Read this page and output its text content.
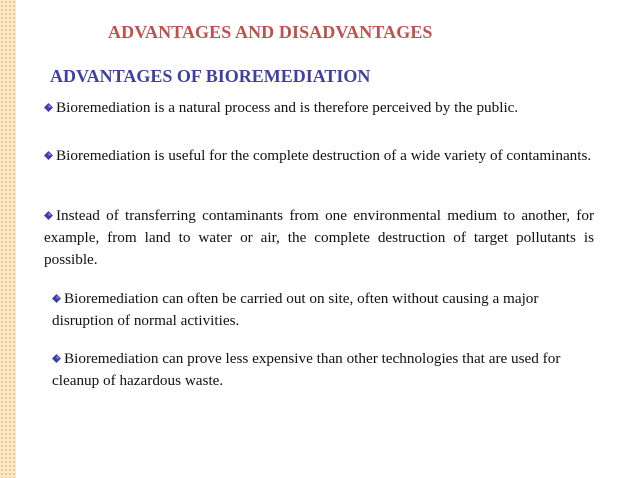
ADVANTAGES AND DISADVANTAGES
ADVANTAGES OF BIOREMEDIATION
Bioremediation is a natural process and is therefore perceived by the public.
Bioremediation is useful for the complete destruction of a wide variety of contaminants.
Instead of transferring contaminants from one environmental medium to another, for example, from land to water or air, the complete destruction of target pollutants is possible.
Bioremediation can often be carried out on site, often without causing a major disruption of normal activities.
Bioremediation can prove less expensive than other technologies that are used for cleanup of hazardous waste.
